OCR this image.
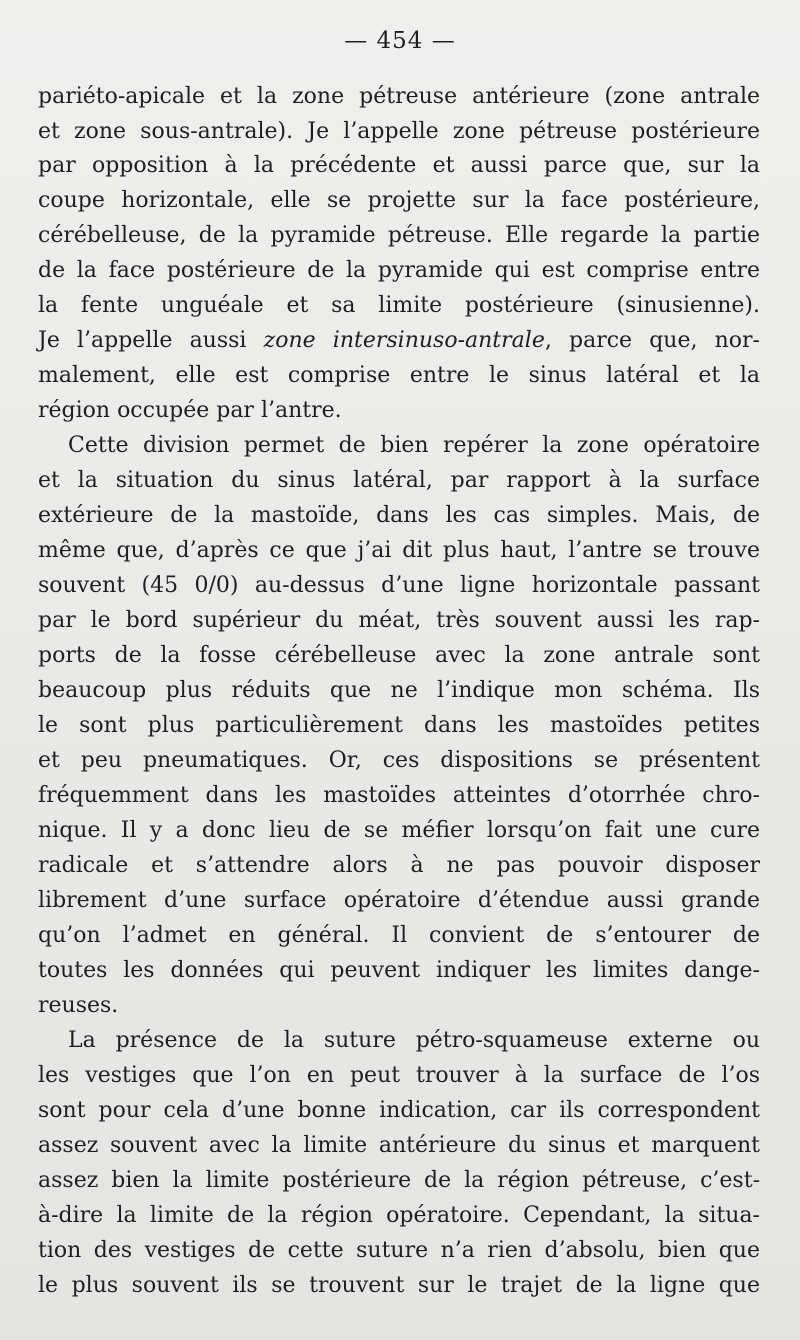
— 454 —
pariéto-apicale et la zone pétreuse antérieure (zone antrale
et zone sous-antrale). Je l’appelle zone pétreuse postérieure
par opposition à la précédente et aussi parce que, sur la
coupe horizontale, elle se projette sur la face postérieure,
cérébelleuse, de la pyramide pétreuse. Elle regarde la partie
de la face postérieure de la pyramide qui est comprise entre
la fente unguéale et sa limite postérieure (sinusienne).
Je l’appelle aussi zone intersinuso-antrale, parce que, nor-
malement, elle est comprise entre le sinus latéral et la
région occupée par l’antre.
Cette division permet de bien repérer la zone opératoire
et la situation du sinus latéral, par rapport à la surface
extérieure de la mastoïde, dans les cas simples. Mais, de
même que, d’après ce que j’ai dit plus haut, l’antre se trouve
souvent (45 0/0) au-dessus d’une ligne horizontale passant
par le bord supérieur du méat, très souvent aussi les rap-
ports de la fosse cérébelleuse avec la zone antrale sont
beaucoup plus réduits que ne l’indique mon schéma. Ils
le sont plus particulièrement dans les mastoïdes petites
et peu pneumatiques. Or, ces dispositions se présentent
fréquemment dans les mastoïdes atteintes d’otorrhée chro-
nique. Il y a donc lieu de se méfier lorsqu’on fait une cure
radicale et s’attendre alors à ne pas pouvoir disposer
librement d’une surface opératoire d’étendue aussi grande
qu’on l’admet en général. Il convient de s’entourer de
toutes les données qui peuvent indiquer les limites dange-
reuses.
La présence de la suture pétro-squameuse externe ou
les vestiges que l’on en peut trouver à la surface de l’os
sont pour cela d’une bonne indication, car ils correspondent
assez souvent avec la limite antérieure du sinus et marquent
assez bien la limite postérieure de la région pétreuse, c’est-
à-dire la limite de la région opératoire. Cependant, la situa-
tion des vestiges de cette suture n’a rien d’absolu, bien que
le plus souvent ils se trouvent sur le trajet de la ligne que
